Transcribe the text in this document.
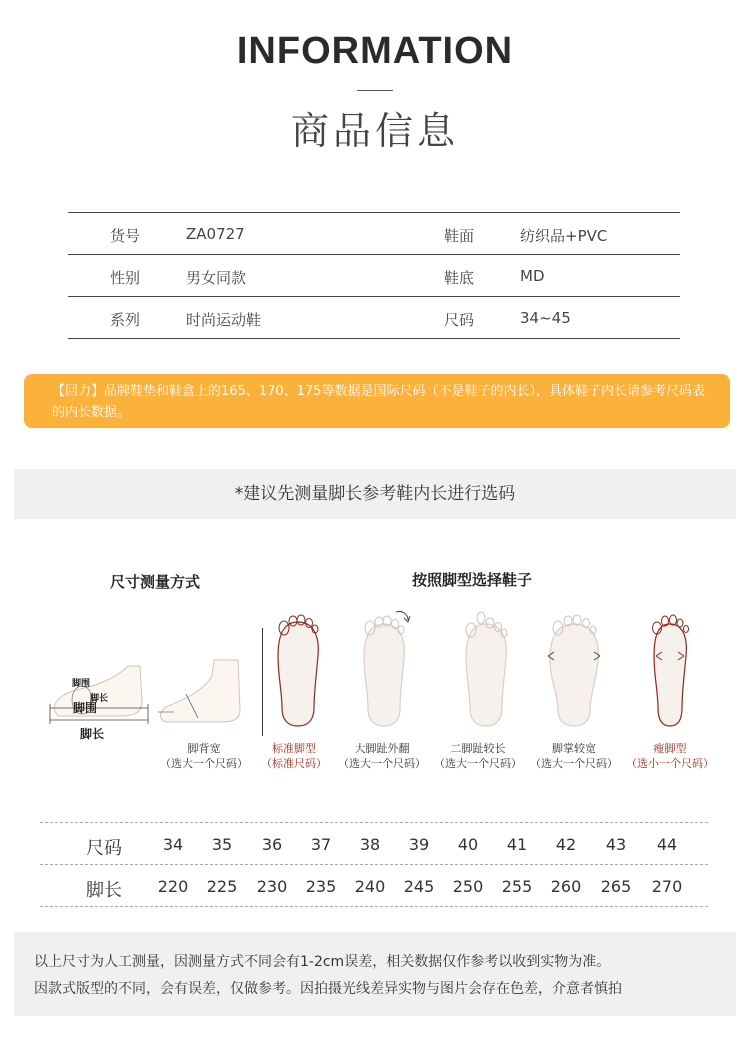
INFORMATION
商品信息
货号	ZA0727	鞋面	纺织品+PVC
性别	男女同款	鞋底	MD
系列	时尚运动鞋	尺码	34~45
【回力】品牌鞋垫和鞋盒上的165、170、175等数据是国际尺码（不是鞋子的内长），具体鞋子内长请参考尺码表的内长数据。
*建议先测量脚长参考鞋内长进行选码
尺寸测量方式	按照脚型选择鞋子
脚围
脚长
脚围
脚长
脚背宽
（选大一个尺码）
标准脚型
（标准尺码）
大脚趾外翻
（选大一个尺码）
二脚趾较长
（选大一个尺码）
脚掌较宽
（选大一个尺码）
瘦脚型
（选小一个尺码）
尺码	34	35	36	37	38	39	40	41	42	43	44
脚长	220	225	230	235	240	245	250	255	260	265	270
以上尺寸为人工测量，因测量方式不同会有1-2cm误差，相关数据仅作参考以收到实物为准。
因款式版型的不同，会有误差，仅做参考。因拍摄光线差异实物与图片会存在色差，介意者慎拍
